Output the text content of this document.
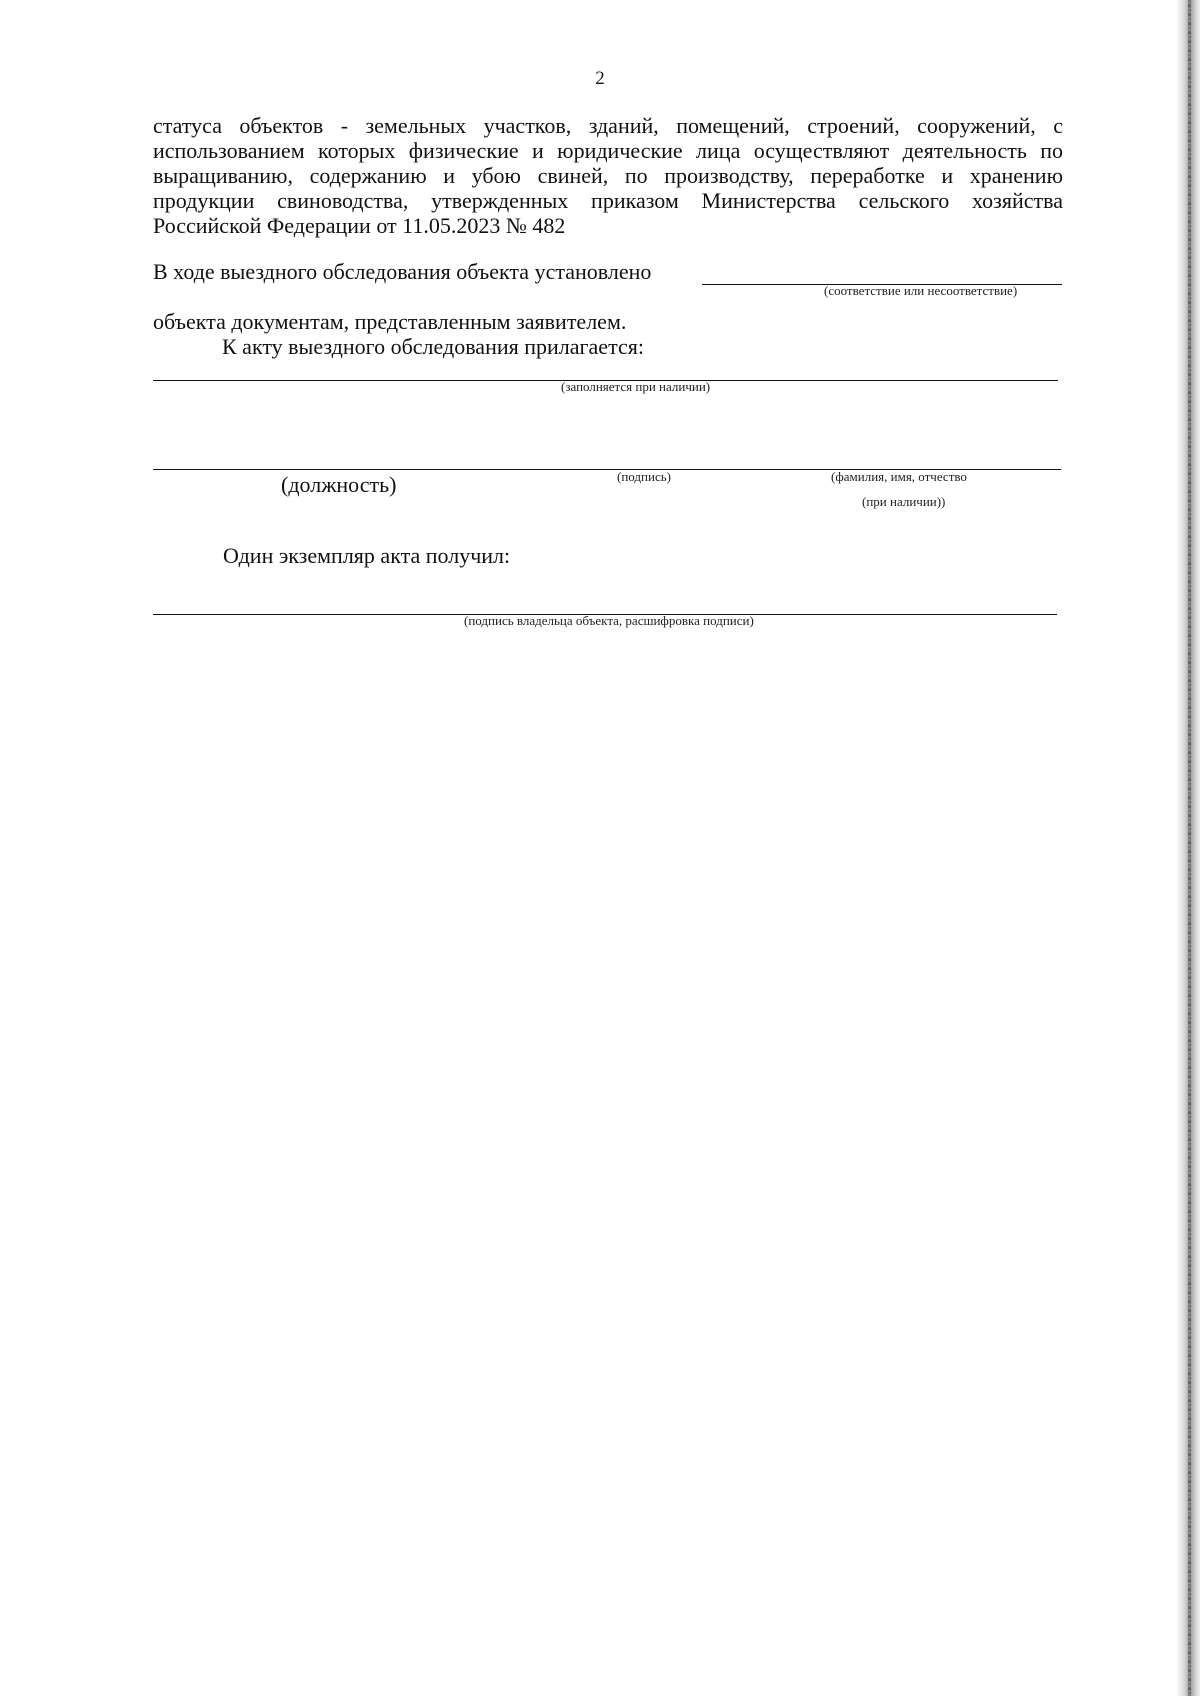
2
статуса объектов - земельных участков, зданий, помещений, строений, сооружений, с использованием которых физические и юридические лица осуществляют деятельность по выращиванию, содержанию и убою свиней, по производству, переработке и хранению продукции свиноводства, утвержденных приказом Министерства сельского хозяйства Российской Федерации от 11.05.2023 № 482
В ходе выездного обследования объекта установлено
(соответствие или несоответствие)
объекта документам, представленным заявителем.
К акту выездного обследования прилагается:
(заполняется при наличии)
(должность)	(подпись)	(фамилия, имя, отчество
(при наличии))
Один экземпляр акта получил:
(подпись владельца объекта, расшифровка подписи)
